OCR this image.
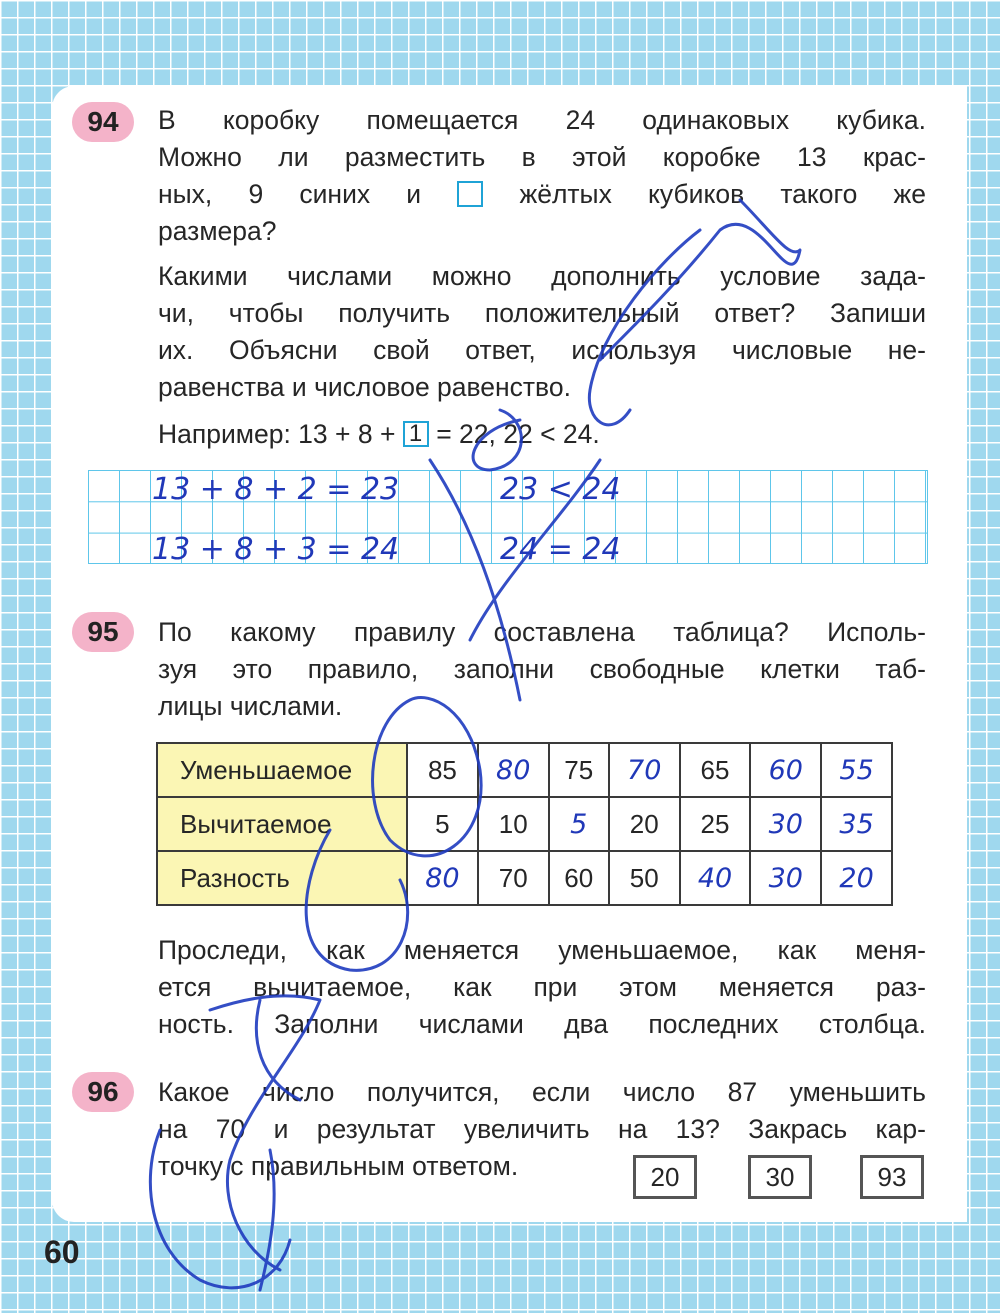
94 В коробку помещается 24 одинаковых кубика.
Можно ли разместить в этой коробке 13 крас-
ных, 9 синих и	жёлтых кубиков такого же
размера?
Какими числами можно дополнить условие зада-
чи, чтобы получить положительный ответ? Запиши
их. Объясни свой ответ, используя числовые не-
равенства и числовое равенство.
Например: 13 + 8 + 1 = 22, 22 < 24.
13 + 8 + 2 = 23	23 < 24
13 + 8 + 3 = 24	24 = 24
95 По какому правилу составлена таблица? Исполь-
зуя это правило, заполни свободные клетки таб-
лицы числами.
Уменьшаемое	85	80	75	70	65	60	55
Вычитаемое	5	10	5	20	25	30	35
Разность	80	70	60	50	40	30	20
Проследи, как меняется уменьшаемое, как меня-
ется вычитаемое, как при этом меняется раз-
ность. Заполни числами два последних столбца.
96 Какое число получится, если число 87 уменьшить
на 70 и результат увеличить на 13? Закрась кар-
точку с правильным ответом.	20	30	93
60
